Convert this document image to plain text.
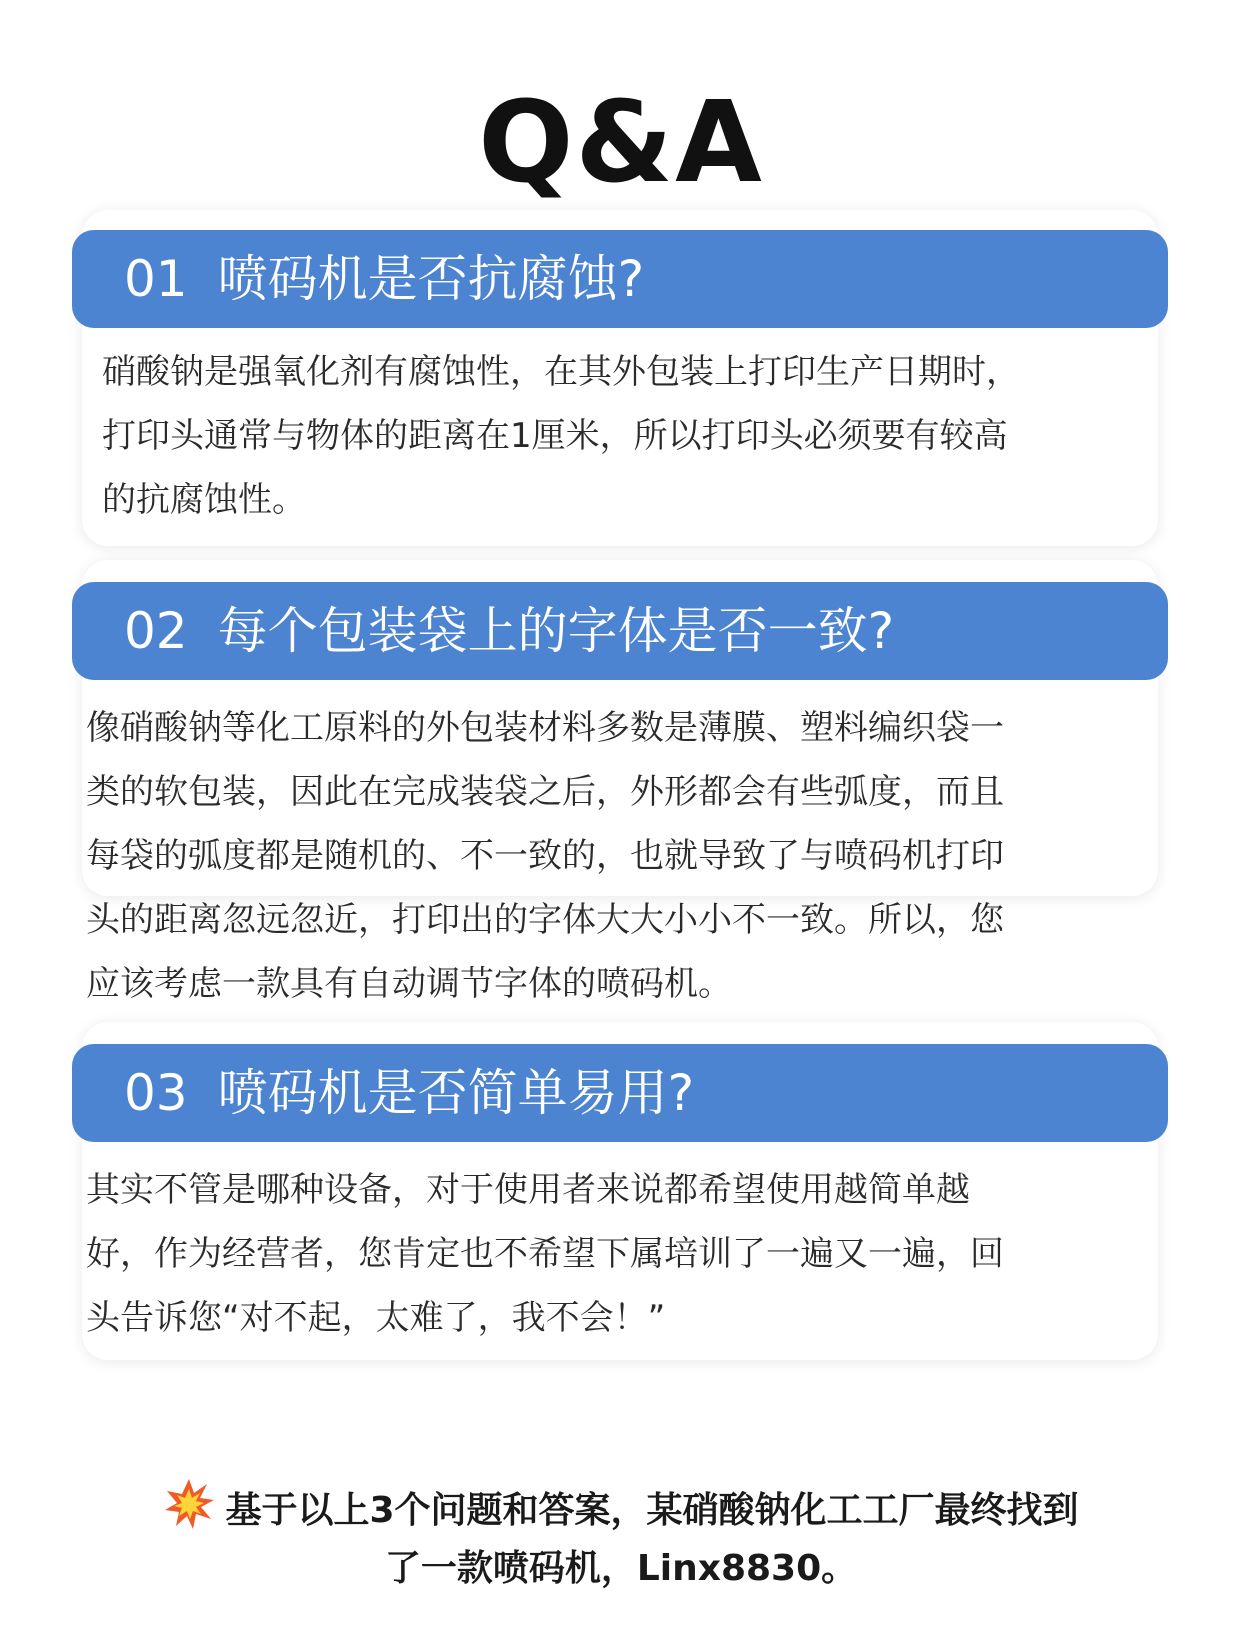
Q&A
01 喷码机是否抗腐蚀?
硝酸钠是强氧化剂有腐蚀性，在其外包装上打印生产日期时，
打印头通常与物体的距离在1厘米，所以打印头必须要有较高
的抗腐蚀性。
02 每个包装袋上的字体是否一致?
像硝酸钠等化工原料的外包装材料多数是薄膜、塑料编织袋一
类的软包装，因此在完成装袋之后，外形都会有些弧度，而且
每袋的弧度都是随机的、不一致的，也就导致了与喷码机打印
头的距离忽远忽近，打印出的字体大大小小不一致。所以，您
应该考虑一款具有自动调节字体的喷码机。
03 喷码机是否简单易用?
其实不管是哪种设备，对于使用者来说都希望使用越简单越
好，作为经营者，您肯定也不希望下属培训了一遍又一遍，回
头告诉您“对不起，太难了，我不会！”
基于以上3个问题和答案，某硝酸钠化工工厂最终找到
了一款喷码机，Linx8830。
